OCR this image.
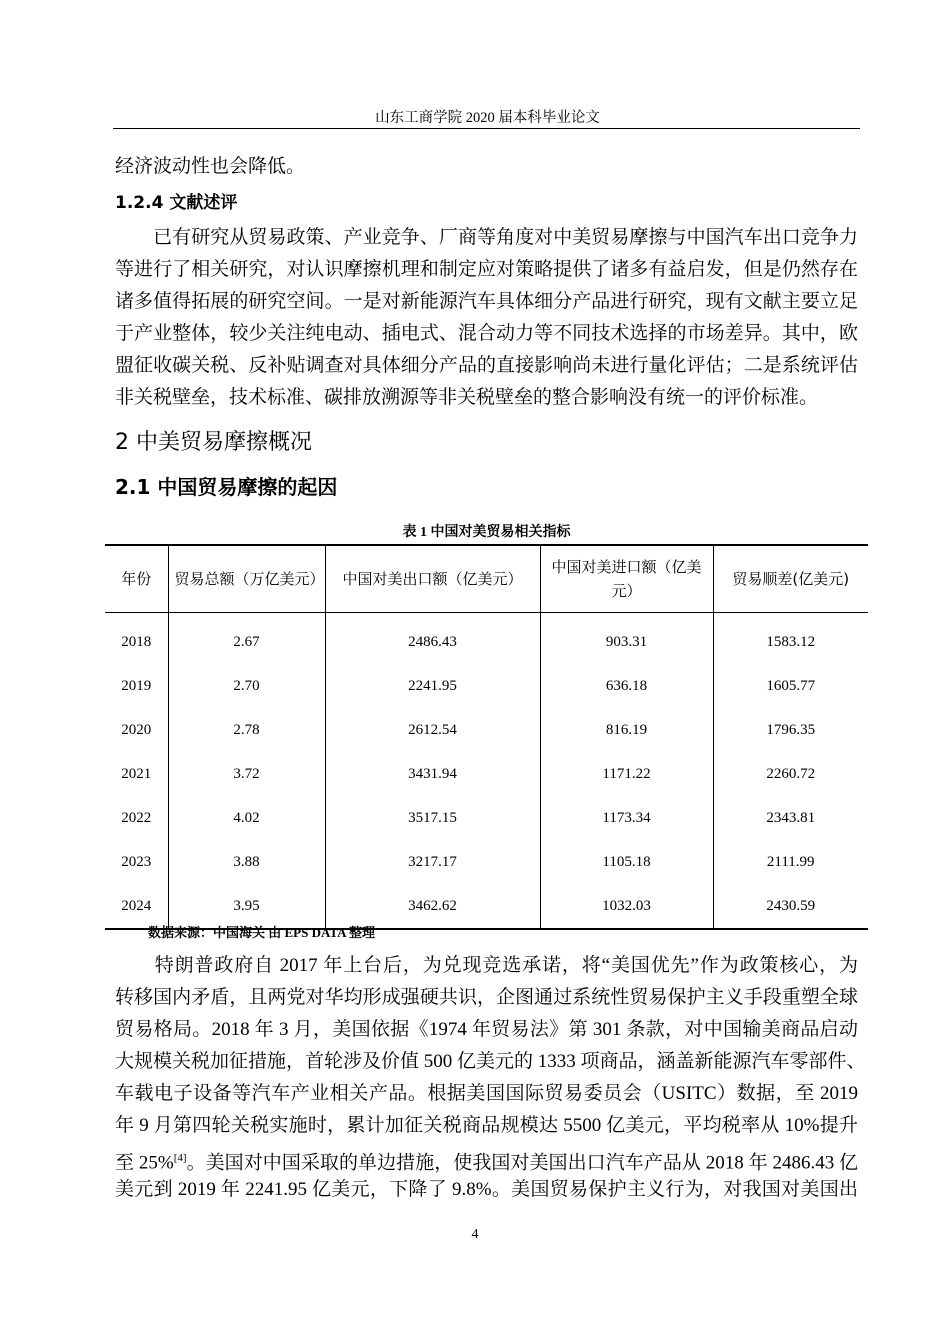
山东工商学院 2020 届本科毕业论文
经济波动性也会降低。
1.2.4 文献述评
　　已有研究从贸易政策、产业竞争、厂商等角度对中美贸易摩擦与中国汽车出口竞争力
等进行了相关研究，对认识摩擦机理和制定应对策略提供了诸多有益启发，但是仍然存在
诸多值得拓展的研究空间。一是对新能源汽车具体细分产品进行研究，现有文献主要立足
于产业整体，较少关注纯电动、插电式、混合动力等不同技术选择的市场差异。其中，欧
盟征收碳关税、反补贴调查对具体细分产品的直接影响尚未进行量化评估；二是系统评估
非关税壁垒，技术标准、碳排放溯源等非关税壁垒的整合影响没有统一的评价标准。
2 中美贸易摩擦概况
2.1 中国贸易摩擦的起因
表 1 中国对美贸易相关指标
年份	贸易总额（万亿美元）	中国对美出口额（亿美元）	中国对美进口额（亿美元）	贸易顺差(亿美元)
2018	2.67	2486.43	903.31	1583.12
2019	2.70	2241.95	636.18	1605.77
2020	2.78	2612.54	816.19	1796.35
2021	3.72	3431.94	1171.22	2260.72
2022	4.02	3517.15	1173.34	2343.81
2023	3.88	3217.17	1105.18	2111.99
2024	3.95	3462.62	1032.03	2430.59
数据来源：中国海关 由 EPS DATA 整理
　　特朗普政府自 2017 年上台后，为兑现竞选承诺，将“美国优先”作为政策核心，为
转移国内矛盾，且两党对华均形成强硬共识，企图通过系统性贸易保护主义手段重塑全球
贸易格局。2018 年 3 月，美国依据《1974 年贸易法》第 301 条款，对中国输美商品启动
大规模关税加征措施，首轮涉及价值 500 亿美元的 1333 项商品，涵盖新能源汽车零部件、
车载电子设备等汽车产业相关产品。根据美国国际贸易委员会（USITC）数据，至 2019
年 9 月第四轮关税实施时，累计加征关税商品规模达 5500 亿美元，平均税率从 10%提升
至 25%[4]。美国对中国采取的单边措施，使我国对美国出口汽车产品从 2018 年 2486.43 亿
美元到 2019 年 2241.95 亿美元，下降了 9.8%。美国贸易保护主义行为，对我国对美国出
4
